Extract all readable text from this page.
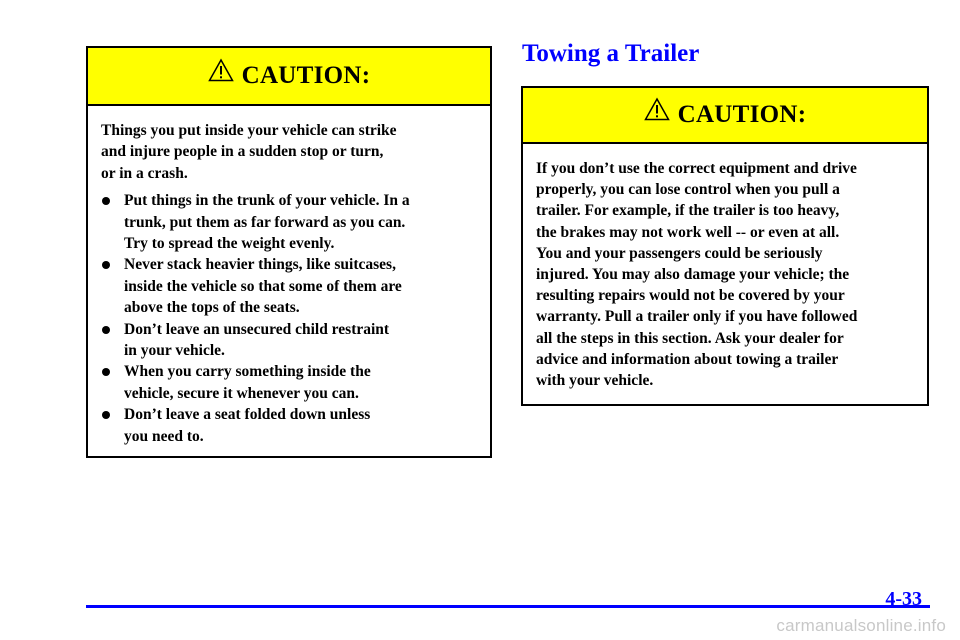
CAUTION:

Things you put inside your vehicle can strike
and injure people in a sudden stop or turn,
or in a crash.

Put things in the trunk of your vehicle. In a
trunk, put them as far forward as you can.
Try to spread the weight evenly.
Never stack heavier things, like suitcases,
inside the vehicle so that some of them are
above the tops of the seats.
Don’t leave an unsecured child restraint
in your vehicle.
When you carry something inside the
vehicle, secure it whenever you can.
Don’t leave a seat folded down unless
you need to.
Towing a Trailer
CAUTION:
If you don’t use the correct equipment and drive
properly, you can lose control when you pull a
trailer. For example, if the trailer is too heavy,
the brakes may not work well -- or even at all.
You and your passengers could be seriously
injured. You may also damage your vehicle; the
resulting repairs would not be covered by your
warranty. Pull a trailer only if you have followed
all the steps in this section. Ask your dealer for
advice and information about towing a trailer
with your vehicle.
4-33
carmanualsonline.info
